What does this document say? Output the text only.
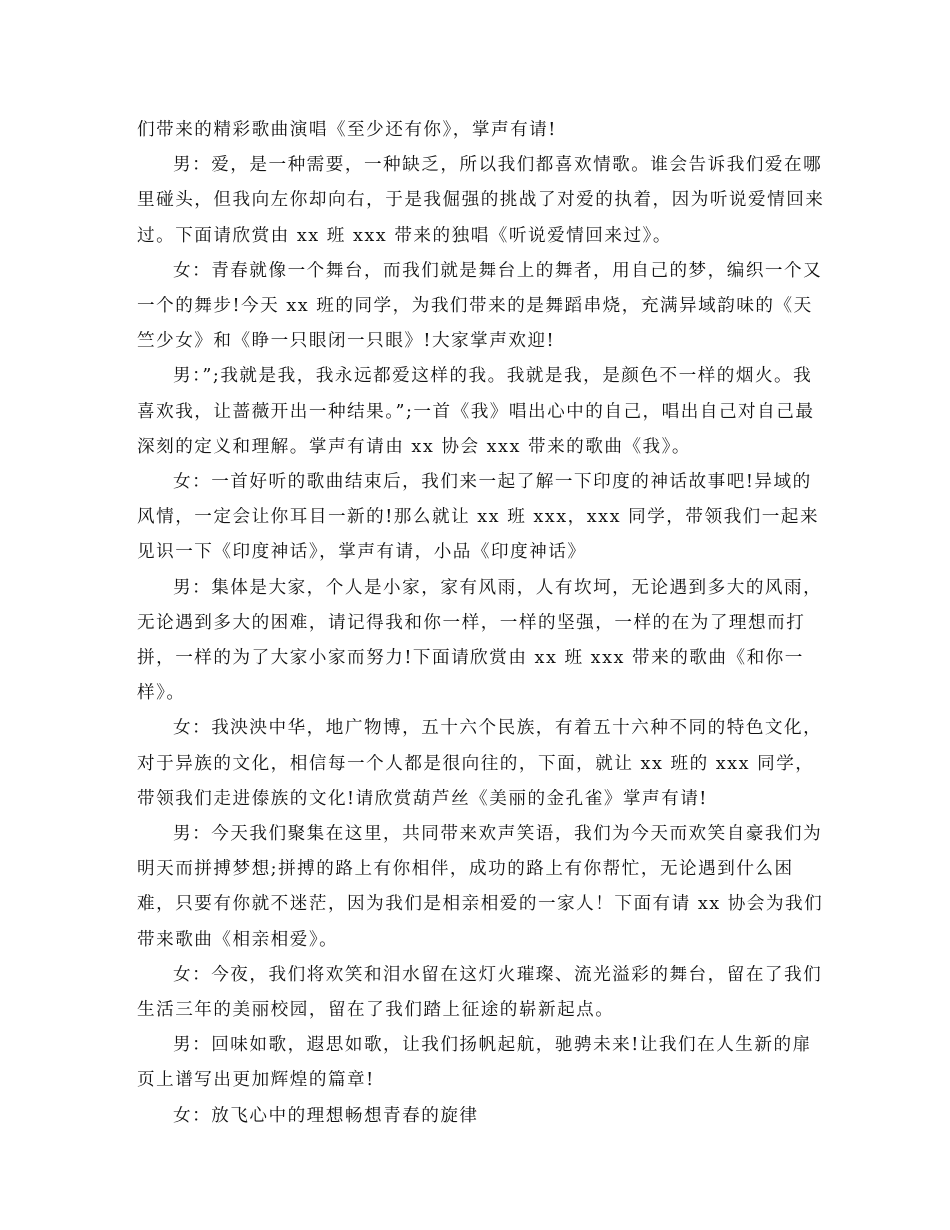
们带来的精彩歌曲演唱《至少还有你》，掌声有请!

男：爱，是一种需要，一种缺乏，所以我们都喜欢情歌。谁会告诉我们爱在哪里碰头，但我向左你却向右，于是我倔强的挑战了对爱的执着，因为听说爱情回来过。下面请欣赏由 xx 班 xxx 带来的独唱《听说爱情回来过》。

女：青春就像一个舞台，而我们就是舞台上的舞者，用自己的梦，编织一个又一个的舞步!今天 xx 班的同学，为我们带来的是舞蹈串烧，充满异域韵味的《天竺少女》和《睁一只眼闭一只眼》!大家掌声欢迎!

男：”;我就是我，我永远都爱这样的我。我就是我，是颜色不一样的烟火。我喜欢我，让蔷薇开出一种结果。”;一首《我》唱出心中的自己，唱出自己对自己最深刻的定义和理解。掌声有请由 xx 协会 xxx 带来的歌曲《我》。

女：一首好听的歌曲结束后，我们来一起了解一下印度的神话故事吧!异域的风情，一定会让你耳目一新的!那么就让 xx 班 xxx，xxx 同学，带领我们一起来见识一下《印度神话》，掌声有请，小品《印度神话》

男：集体是大家，个人是小家，家有风雨，人有坎坷，无论遇到多大的风雨，无论遇到多大的困难，请记得我和你一样，一样的坚强，一样的在为了理想而打拼，一样的为了大家小家而努力!下面请欣赏由 xx 班 xxx 带来的歌曲《和你一样》。

女：我泱泱中华，地广物博，五十六个民族，有着五十六种不同的特色文化，对于异族的文化，相信每一个人都是很向往的，下面，就让 xx 班的 xxx 同学，带领我们走进傣族的文化!请欣赏葫芦丝《美丽的金孔雀》掌声有请!

男：今天我们聚集在这里，共同带来欢声笑语，我们为今天而欢笑自豪我们为明天而拼搏梦想;拼搏的路上有你相伴，成功的路上有你帮忙，无论遇到什么困难，只要有你就不迷茫，因为我们是相亲相爱的一家人！下面有请 xx 协会为我们带来歌曲《相亲相爱》。

女：今夜，我们将欢笑和泪水留在这灯火璀璨、流光溢彩的舞台，留在了我们生活三年的美丽校园，留在了我们踏上征途的崭新起点。

男：回味如歌，遐思如歌，让我们扬帆起航，驰骋未来!让我们在人生新的扉页上谱写出更加辉煌的篇章!

女：放飞心中的理想畅想青春的旋律
